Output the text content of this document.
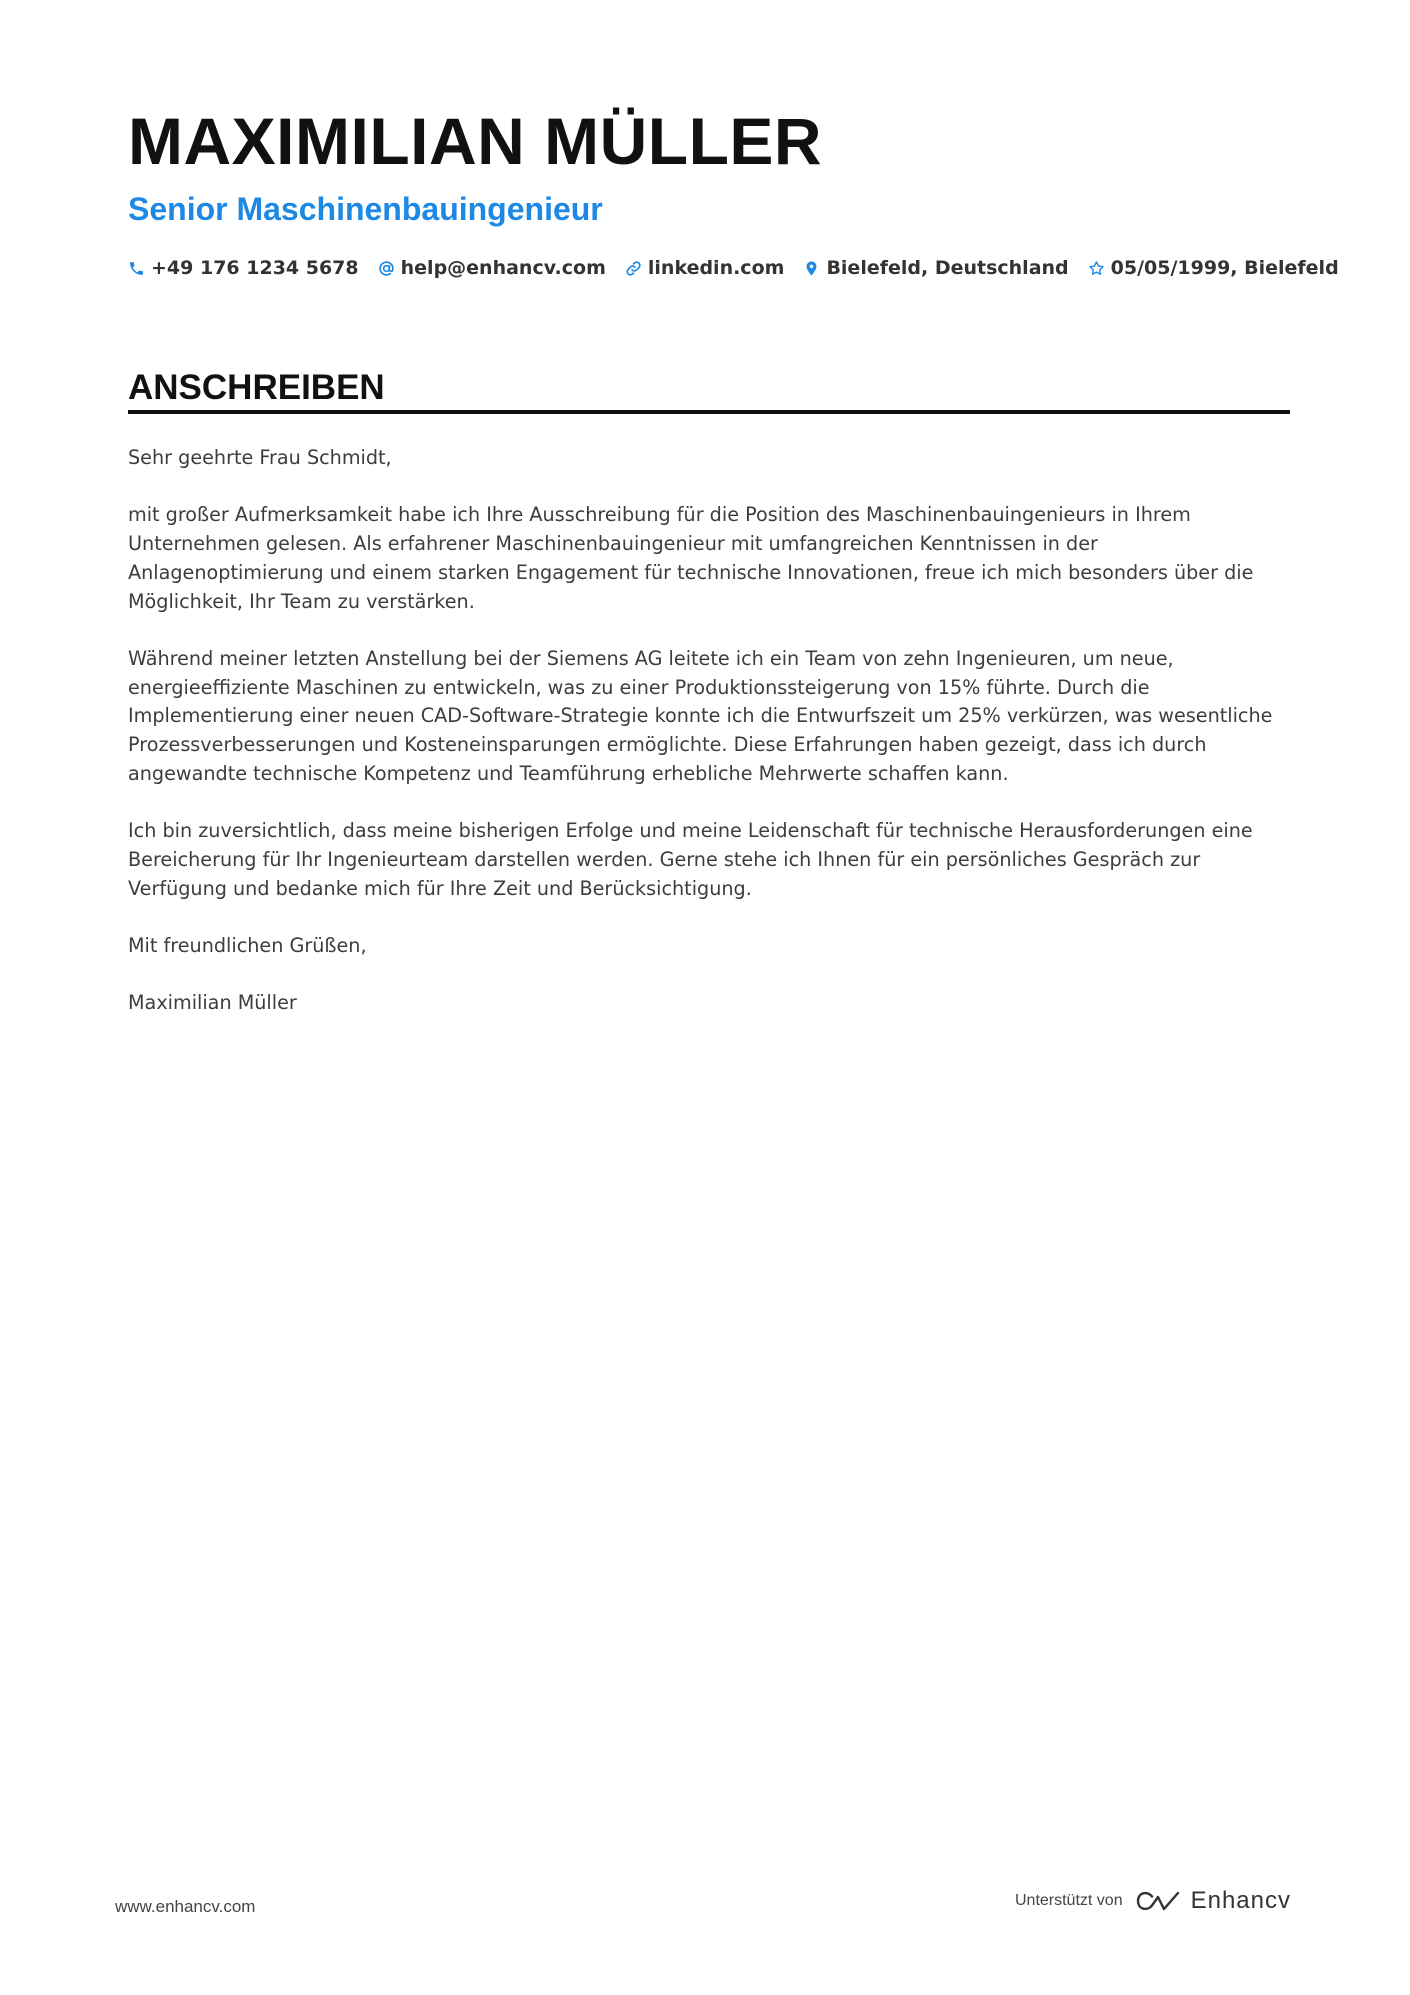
MAXIMILIAN MÜLLER
Senior Maschinenbauingenieur
+49 176 1234 5678 help@enhancv.com linkedin.com Bielefeld, Deutschland 05/05/1999, Bielefeld
ANSCHREIBEN

Sehr geehrte Frau Schmidt,

mit großer Aufmerksamkeit habe ich Ihre Ausschreibung für die Position des Maschinenbauingenieurs in Ihrem Unternehmen gelesen. Als erfahrener Maschinenbauingenieur mit umfangreichen Kenntnissen in der Anlagenoptimierung und einem starken Engagement für technische Innovationen, freue ich mich besonders über die Möglichkeit, Ihr Team zu verstärken.

Während meiner letzten Anstellung bei der Siemens AG leitete ich ein Team von zehn Ingenieuren, um neue, energieeffiziente Maschinen zu entwickeln, was zu einer Produktionssteigerung von 15% führte. Durch die Implementierung einer neuen CAD-Software-Strategie konnte ich die Entwurfszeit um 25% verkürzen, was wesentliche Prozessverbesserungen und Kosteneinsparungen ermöglichte. Diese Erfahrungen haben gezeigt, dass ich durch angewandte technische Kompetenz und Teamführung erhebliche Mehrwerte schaffen kann.

Ich bin zuversichtlich, dass meine bisherigen Erfolge und meine Leidenschaft für technische Herausforderungen eine Bereicherung für Ihr Ingenieurteam darstellen werden. Gerne stehe ich Ihnen für ein persönliches Gespräch zur Verfügung und bedanke mich für Ihre Zeit und Berücksichtigung.

Mit freundlichen Grüßen,

Maximilian Müller

www.enhancv.com	Unterstützt von	Enhancv
